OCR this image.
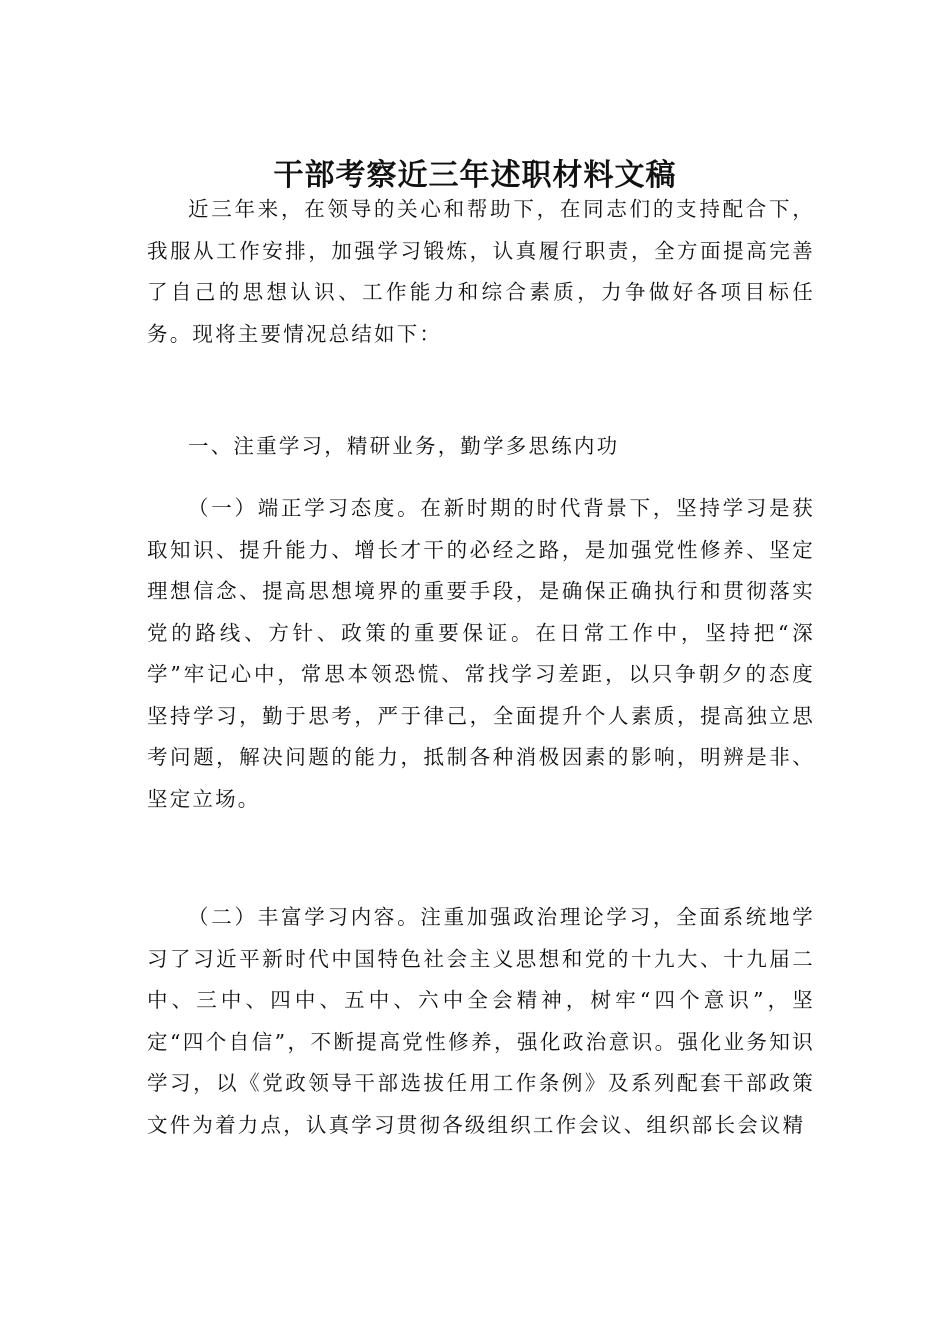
干部考察近三年述职材料文稿

近三年来，在领导的关心和帮助下，在同志们的支持配合下，我服从工作安排，加强学习锻炼，认真履行职责，全方面提高完善了自己的思想认识、工作能力和综合素质，力争做好各项目标任务。现将主要情况总结如下：

一、注重学习，精研业务，勤学多思练内功

（一）端正学习态度。在新时期的时代背景下，坚持学习是获取知识、提升能力、增长才干的必经之路，是加强党性修养、坚定理想信念、提高思想境界的重要手段，是确保正确执行和贯彻落实党的路线、方针、政策的重要保证。在日常工作中，坚持把“深学”牢记心中，常思本领恐慌、常找学习差距，以只争朝夕的态度坚持学习，勤于思考，严于律己，全面提升个人素质，提高独立思考问题，解决问题的能力，抵制各种消极因素的影响，明辨是非、坚定立场。

（二）丰富学习内容。注重加强政治理论学习，全面系统地学习了习近平新时代中国特色社会主义思想和党的十九大、十九届二中、三中、四中、五中、六中全会精神，树牢“四个意识”，坚定“四个自信”，不断提高党性修养，强化政治意识。强化业务知识学习，以《党政领导干部选拔任用工作条例》及系列配套干部政策文件为着力点，认真学习贯彻各级组织工作会议、组织部长会议精
